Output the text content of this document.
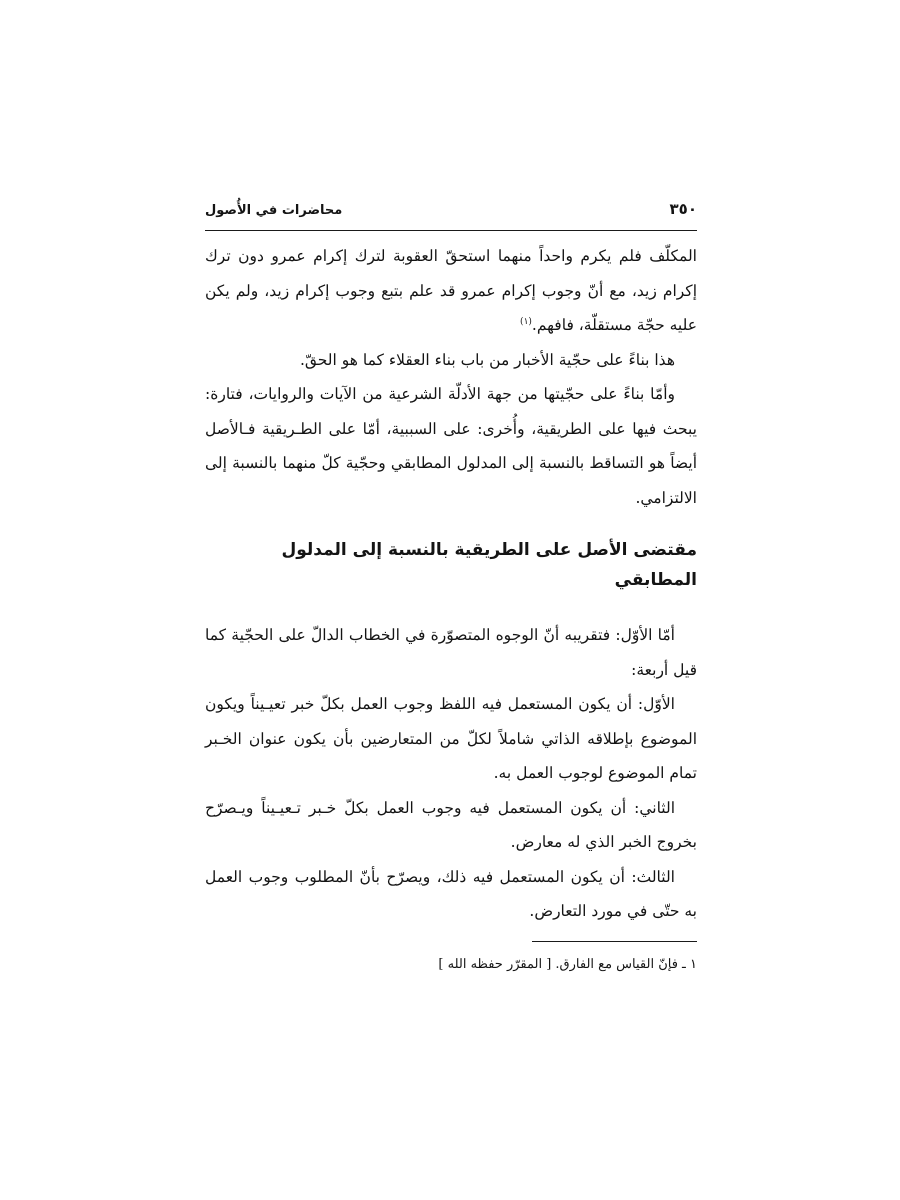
٣٥٠
محاضرات في الأُصول

المكلّف فلم يكرم واحداً منهما استحقّ العقوبة لترك إكرام عمرو دون ترك إكرام زيد، مع أنّ وجوب إكرام عمرو قد علم بتبع وجوب إكرام زيد، ولم يكن عليه حجّة مستقلّة، فافهم.$^{(١)}$

هذا بناءً على حجّية الأخبار من باب بناء العقلاء كما هو الحقّ.

وأمّا بناءً على حجّيتها من جهة الأدلّة الشرعية من الآيات والروايات، فتارة: يبحث فيها على الطريقية، وأُخرى: على السببية، أمّا على الطـريقية فـالأصل أيضاً هو التساقط بالنسبة إلى المدلول المطابقي وحجّية كلّ منهما بالنسبة إلى الالتزامي.

مقتضى الأصل على الطريقية بالنسبة إلى المدلول المطابقي

أمّا الأوّل: فتقريبه أنّ الوجوه المتصوّرة في الخطاب الدالّ على الحجّية كما قيل أربعة:

الأوّل: أن يكون المستعمل فيه اللفظ وجوب العمل بكلّ خبر تعيـيناً ويكون الموضوع بإطلاقه الذاتي شاملاً لكلّ من المتعارضين بأن يكون عنوان الخـبر تمام الموضوع لوجوب العمل به.

الثاني: أن يكون المستعمل فيه وجوب العمل بكلّ خـبر تـعيـيناً ويـصرّح بخروج الخبر الذي له معارض.

الثالث: أن يكون المستعمل فيه ذلك، ويصرّح بأنّ المطلوب وجوب العمل به حتّى في مورد التعارض.

١ ـ فإنّ القياس مع الفارق. [ المقرّر حفظه الله ]
